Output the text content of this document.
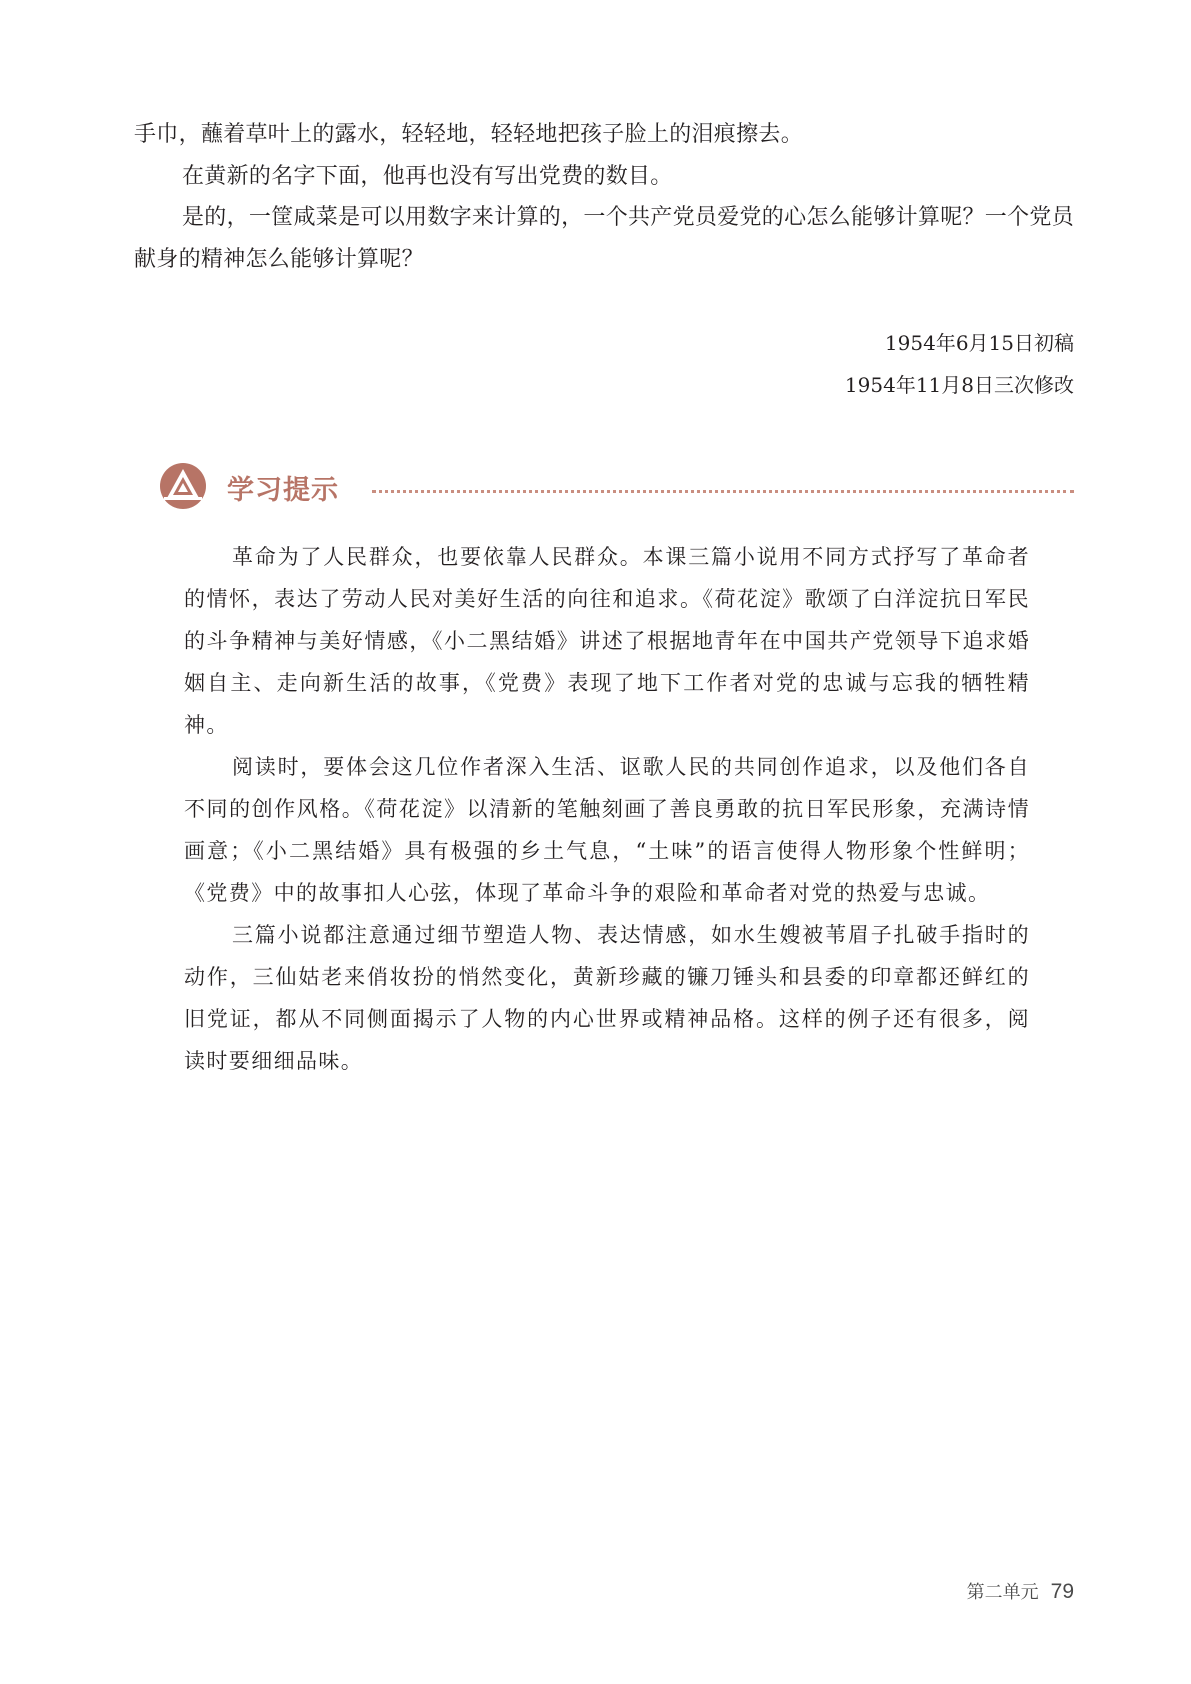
手巾，蘸着草叶上的露水，轻轻地，轻轻地把孩子脸上的泪痕擦去。

在黄新的名字下面，他再也没有写出党费的数目。

是的，一筐咸菜是可以用数字来计算的，一个共产党员爱党的心怎么能够计算呢？一个党员献身的精神怎么能够计算呢？

1954年6月15日初稿
1954年11月8日三次修改
学习提示

革命为了人民群众，也要依靠人民群众。本课三篇小说用不同方式抒写了革命者的情怀，表达了劳动人民对美好生活的向往和追求。《荷花淀》歌颂了白洋淀抗日军民的斗争精神与美好情感，《小二黑结婚》讲述了根据地青年在中国共产党领导下追求婚姻自主、走向新生活的故事，《党费》表现了地下工作者对党的忠诚与忘我的牺牲精神。

阅读时，要体会这几位作者深入生活、讴歌人民的共同创作追求，以及他们各自不同的创作风格。《荷花淀》以清新的笔触刻画了善良勇敢的抗日军民形象，充满诗情画意；《小二黑结婚》具有极强的乡土气息，“土味”的语言使得人物形象个性鲜明；《党费》中的故事扣人心弦，体现了革命斗争的艰险和革命者对党的热爱与忠诚。

三篇小说都注意通过细节塑造人物、表达情感，如水生嫂被苇眉子扎破手指时的动作，三仙姑老来俏妆扮的悄然变化，黄新珍藏的镰刀锤头和县委的印章都还鲜红的旧党证，都从不同侧面揭示了人物的内心世界或精神品格。这样的例子还有很多，阅读时要细细品味。

第二单元 79
